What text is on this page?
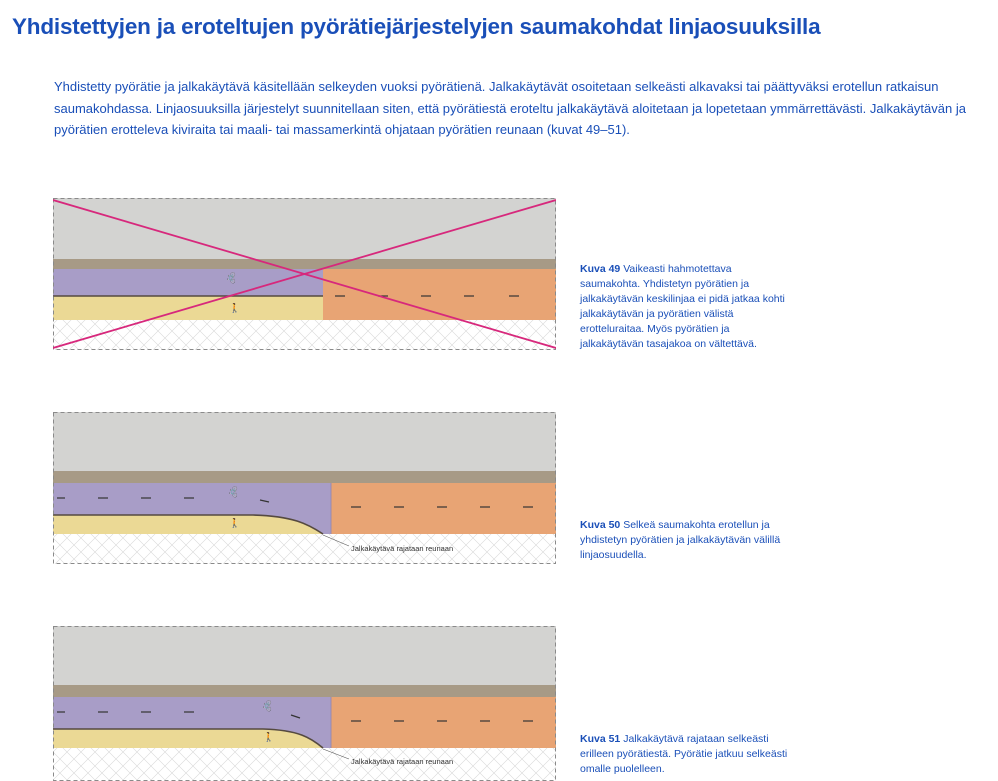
Yhdistettyjen ja eroteltujen pyörätiejärjestelyjen saumakohdat linjaosuuksilla
Yhdistetty pyörätie ja jalkakäytävä käsitellään selkeyden vuoksi pyörätienä. Jalkakäytävät osoitetaan selkeästi alkavaksi tai päättyväksi erotellun ratkaisun saumakohdassa. Linjaosuuksilla järjestelyt suunnitellaan siten, että pyörätiestä eroteltu jalkakäytävä aloitetaan ja lopetetaan ymmärrettävästi. Jalkakäytävän ja pyörätien erotteleva kiviraita tai maali- tai massamerkintä ohjataan pyörätien reunaan (kuvat 49–51).
🚲
🚶
Kuva 49 Vaikeasti hahmotettava saumakohta. Yhdistetyn pyörätien ja jalkakäytävän keskilinjaa ei pidä jatkaa kohti jalkakäytävän ja pyörätien välistä erotteluraitaa. Myös pyörätien ja jalkakäytävän tasajakoa on vältettävä.
🚲
🚶
Jalkakäytävä rajataan reunaan
Kuva 50 Selkeä saumakohta erotellun ja yhdistetyn pyörätien ja jalkakäytävän välillä linjaosuudella.
🚲
🚶
Jalkakäytävä rajataan reunaan
Kuva 51 Jalkakäytävä rajataan selkeästi erilleen pyörätiestä. Pyörätie jatkuu selkeästi omalle puolelleen.
